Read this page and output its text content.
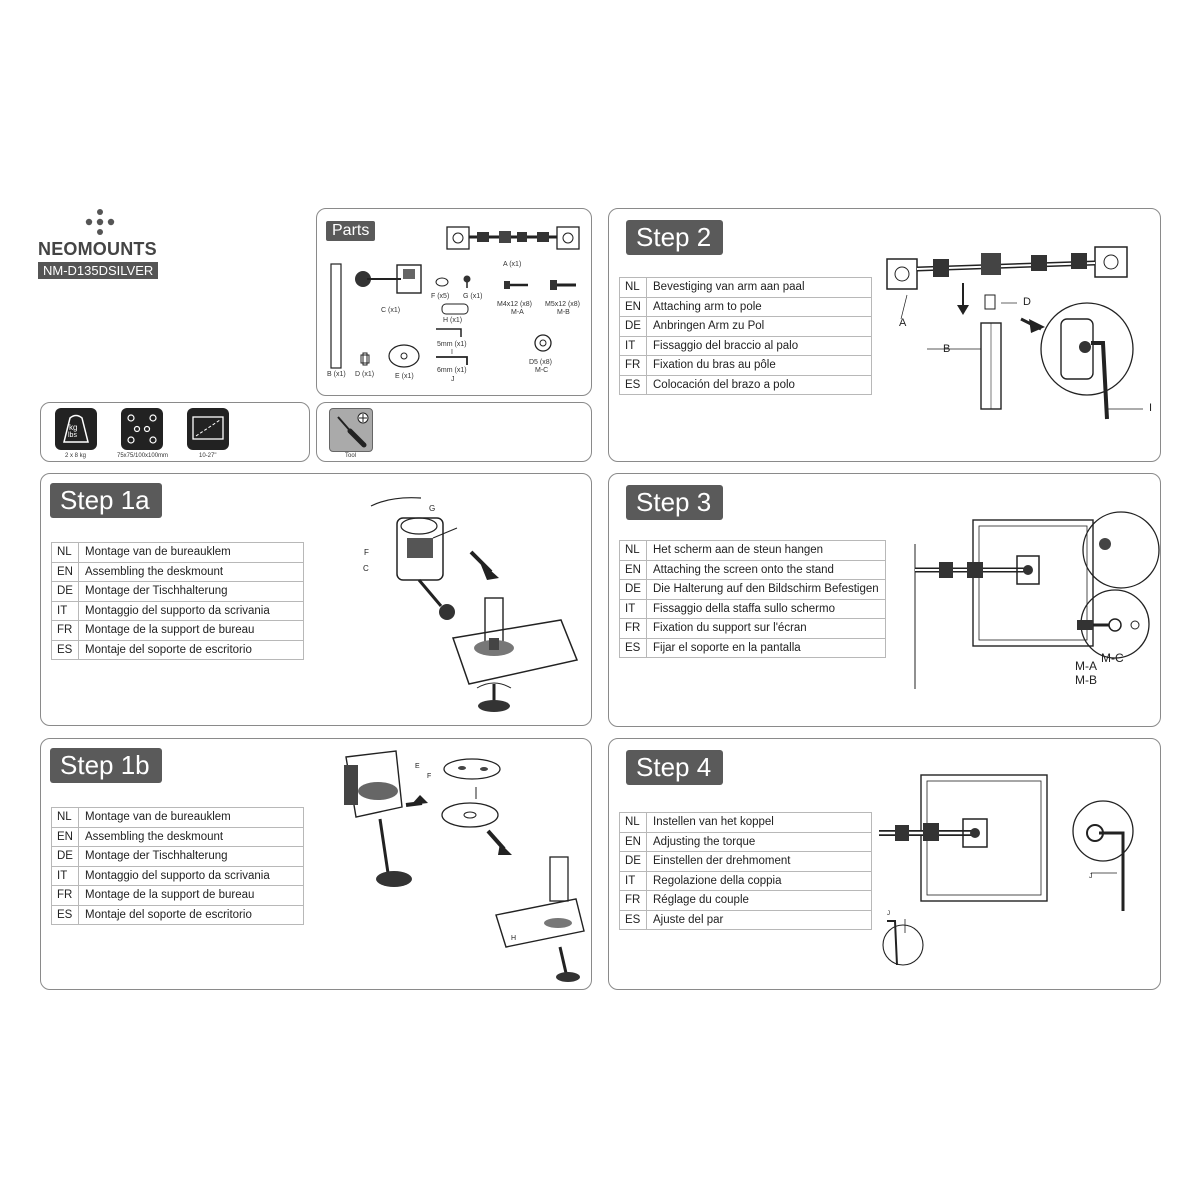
NEOMOUNTS
NM-D135DSILVER
Parts
A (x1)
B (x1)
C (x1)
D (x1)	E (x1)
F (x5) G (x1)
H (x1)
5mm (x1)
I
6mm (x1)
J
M4x12 (x8)
M-A
M5x12 (x8)
M-B
D5 (x8)
M-C
kg
lbs
2 x 8 kg	75x75/100x100mm	10-27"	Tool
Step 1a
NL	Montage van de bureauklem
EN	Assembling the deskmount
DE	Montage der Tischhalterung
IT	Montaggio del supporto da scrivania
FR	Montage de la support de bureau
ES	Montaje del soporte de escritorio
G
F
C
Step 1b
NL	Montage van de bureauklem
EN	Assembling the deskmount
DE	Montage der Tischhalterung
IT	Montaggio del supporto da scrivania
FR	Montage de la support de bureau
ES	Montaje del soporte de escritorio
E
F
H
Step 2
NL	Bevestiging van arm aan paal
EN	Attaching arm to pole
DE	Anbringen Arm zu Pol
IT	Fissaggio del braccio al palo
FR	Fixation du bras au pôle
ES	Colocación del brazo a polo
A
B
D
I
Step 3
NL	Het scherm aan de steun hangen
EN	Attaching the screen onto the stand
DE	Die Halterung auf den Bildschirm Befestigen
IT	Fissaggio della staffa sullo schermo
FR	Fixation du support sur l'écran
ES	Fijar el soporte en la pantalla
M-A
M-B
M-C
Step 4
NL	Instellen van het koppel
EN	Adjusting the torque
DE	Einstellen der drehmoment
IT	Regolazione della coppia
FR	Réglage du couple
ES	Ajuste del par
J
J
